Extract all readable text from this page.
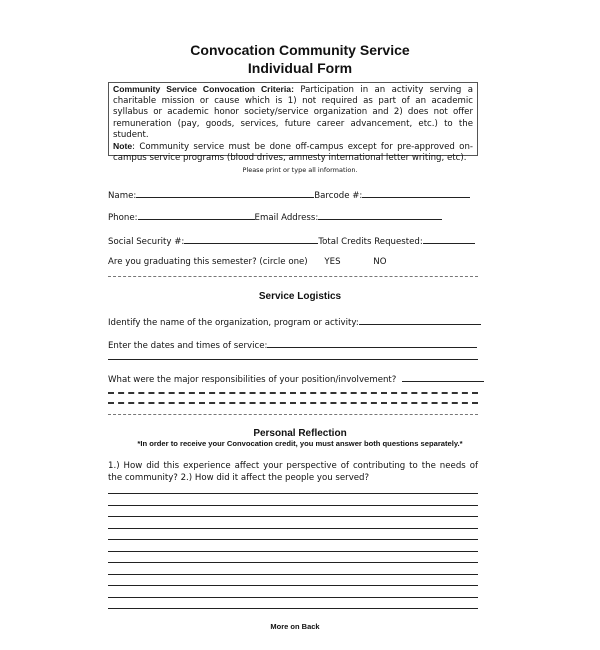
Convocation Community Service
Individual Form
Community Service Convocation Criteria: Participation in an activity serving a charitable mission or cause which is 1) not required as part of an academic syllabus or academic honor society/service organization and 2) does not offer remuneration (pay, goods, services, future career advancement, etc.) to the student.
Note: Community service must be done off-campus except for pre-approved on-campus service programs (blood drives, amnesty international letter writing, etc).
Please print or type all information.
Name:	Barcode #:
Phone:	Email Address:
Social Security #:	Total Credits Requested:
Are you graduating this semester? (circle one) YES	NO
Service Logistics
Identify the name of the organization, program or activity:
Enter the dates and times of service:
What were the major responsibilities of your position/involvement?
Personal Reflection
*In order to receive your Convocation credit, you must answer both questions separately.*
1.) How did this experience affect your perspective of contributing to the needs of the community? 2.) How did it affect the people you served?
More on Back
